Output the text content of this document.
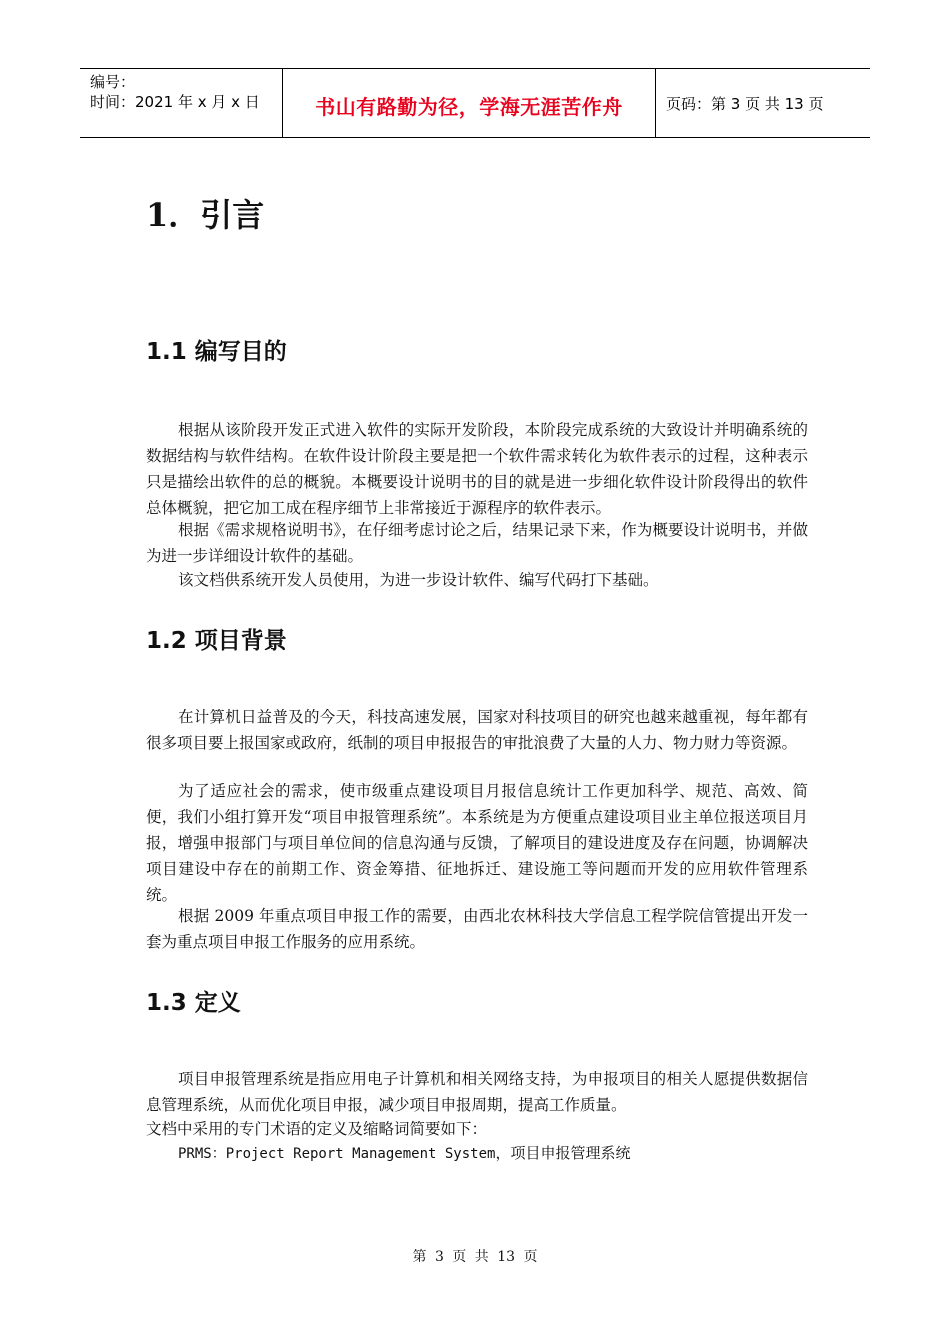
编号：
时间：2021 年 x 月 x 日	书山有路勤为径，学海无涯苦作舟	页码：第 3 页 共 13 页
1．引言
1.1 编写目的
根据从该阶段开发正式进入软件的实际开发阶段，本阶段完成系统的大致设计并明确系统的数据结构与软件结构。在软件设计阶段主要是把一个软件需求转化为软件表示的过程，这种表示只是描绘出软件的总的概貌。本概要设计说明书的目的就是进一步细化软件设计阶段得出的软件总体概貌，把它加工成在程序细节上非常接近于源程序的软件表示。
根据《需求规格说明书》，在仔细考虑讨论之后，结果记录下来，作为概要设计说明书，并做为进一步详细设计软件的基础。
该文档供系统开发人员使用，为进一步设计软件、编写代码打下基础。
1.2 项目背景
在计算机日益普及的今天，科技高速发展，国家对科技项目的研究也越来越重视，每年都有很多项目要上报国家或政府，纸制的项目申报报告的审批浪费了大量的人力、物力财力等资源。
为了适应社会的需求，使市级重点建设项目月报信息统计工作更加科学、规范、高效、简便，我们小组打算开发“项目申报管理系统”。本系统是为方便重点建设项目业主单位报送项目月报，增强申报部门与项目单位间的信息沟通与反馈，了解项目的建设进度及存在问题，协调解决项目建设中存在的前期工作、资金筹措、征地拆迁、建设施工等问题而开发的应用软件管理系统。
根据 2009 年重点项目申报工作的需要，由西北农林科技大学信息工程学院信管提出开发一套为重点项目申报工作服务的应用系统。
1.3 定义
项目申报管理系统是指应用电子计算机和相关网络支持，为申报项目的相关人愿提供数据信息管理系统，从而优化项目申报，减少项目申报周期，提高工作质量。
文档中采用的专门术语的定义及缩略词简要如下：
PRMS：Project Report Management System，项目申报管理系统
第 3 页 共 13 页
